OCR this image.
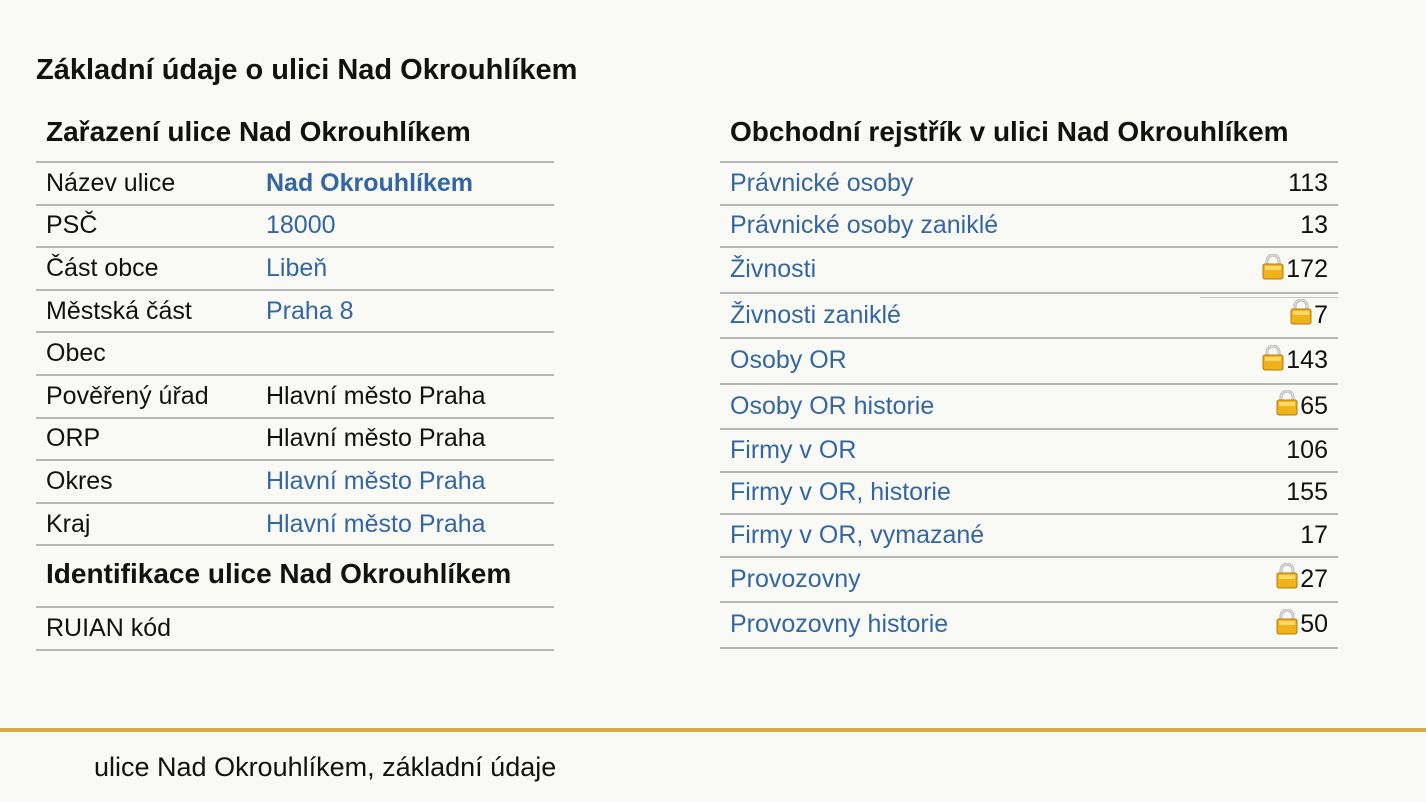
Základní údaje o ulici Nad Okrouhlíkem
Zařazení ulice Nad Okrouhlíkem
Název ulice	Nad Okrouhlíkem
PSČ	18000
Část obce	Libeň
Městská část	Praha 8
Obec
Pověřený úřad	Hlavní město Praha
ORP	Hlavní město Praha
Okres	Hlavní město Praha
Kraj	Hlavní město Praha
Identifikace ulice Nad Okrouhlíkem
RUIAN kód
Obchodní rejstřík v ulici Nad Okrouhlíkem
Právnické osoby	113
Právnické osoby zaniklé	13
Živnosti	172
Živnosti zaniklé	7
Osoby OR	143
Osoby OR historie	65
Firmy v OR	106
Firmy v OR, historie	155
Firmy v OR, vymazané	17
Provozovny	27
Provozovny historie	50
ulice Nad Okrouhlíkem, základní údaje
